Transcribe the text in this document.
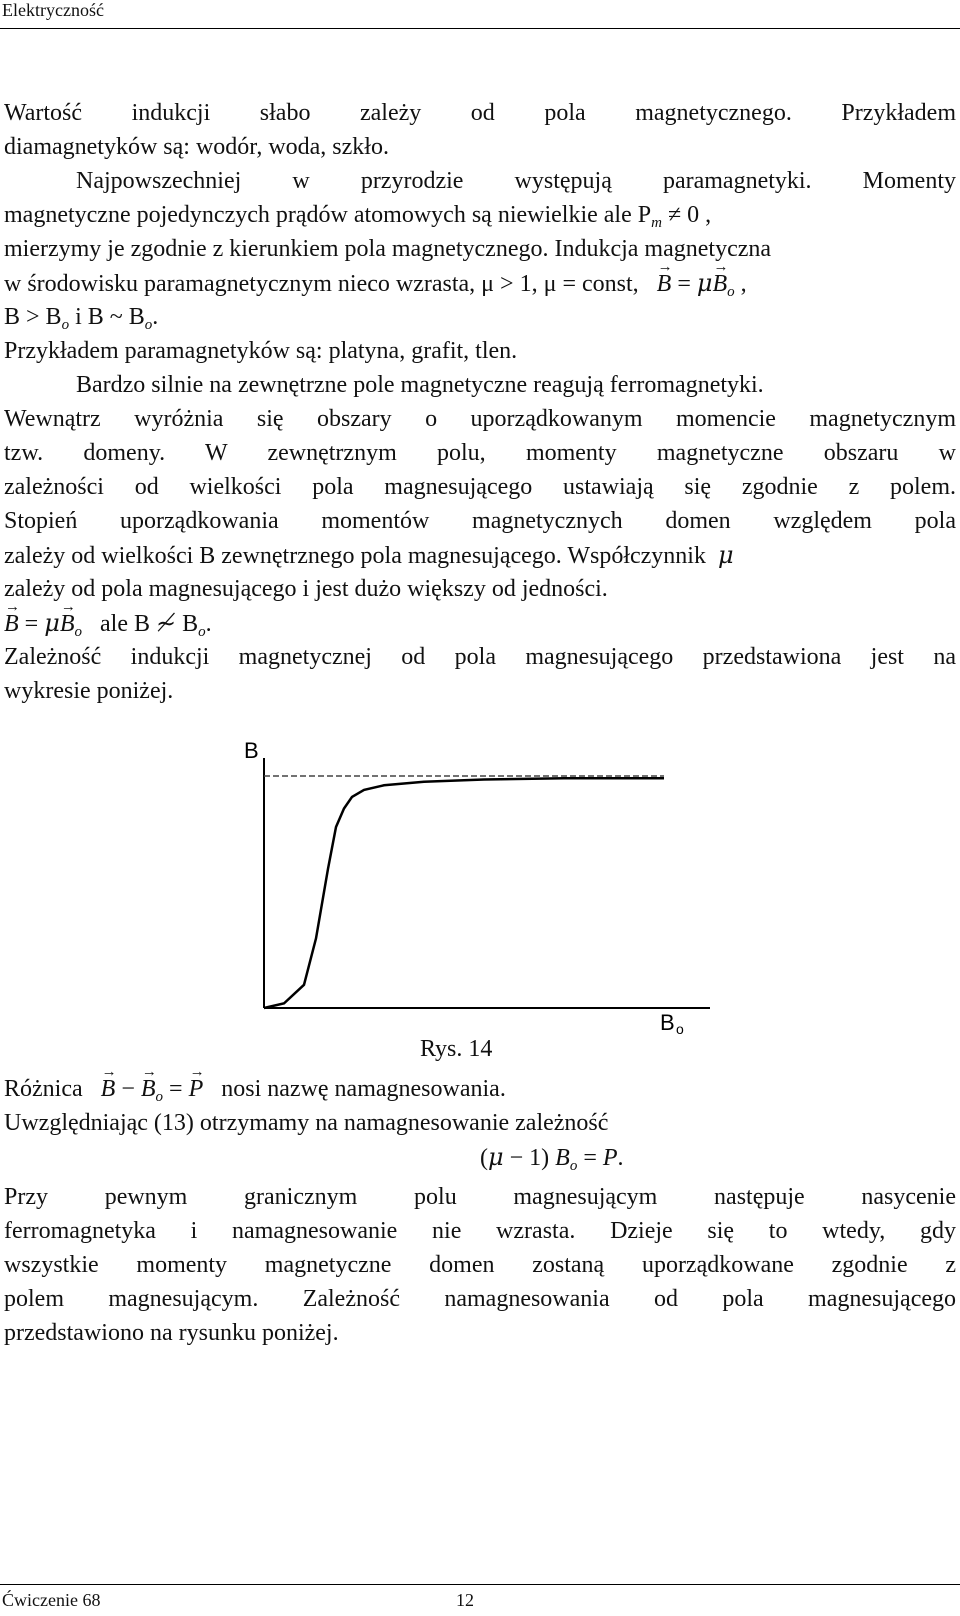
Elektryczność
Wartość indukcji słabo zależy od pola magnetycznego. Przykładem
diamagnetyków są: wodór, woda, szkło.
Najpowszechniej w przyrodzie występują paramagnetyki. Momenty
magnetyczne pojedynczych prądów atomowych są niewielkie ale $P_m \ne 0$ ,
mierzymy je zgodnie z kierunkiem pola magnetycznego. Indukcja magnetyczna
w środowisku paramagnetycznym nieco wzrasta, μ > 1, μ = const, → $B = \mu\to B_o$ ,
$B > B_o$ i B ~ $B_o$.
Przykładem paramagnetyków są: platyna, grafit, tlen.
Bardzo silnie na zewnętrzne pole magnetyczne reagują ferromagnetyki.
Wewnątrz wyróżnia się obszary o uporządkowanym momencie magnetycznym
tzw. domeny. W zewnętrznym polu, momenty magnetyczne obszaru w
zależności od wielkości pola magnesującego ustawiają się zgodnie z polem.
Stopień uporządkowania momentów magnetycznych domen względem pola
zależy od wielkości B zewnętrznego pola magnesującego. Współczynnik μ
zależy od pola magnesującego i jest dużo większy od jedności.
→ $B = \mu\to B_o$ ale B ≁ $B_o$.
Zależność indukcji magnetycznej od pola magnesującego przedstawiona jest na
wykresie poniżej.
B
B o
Rys. 14
Różnica → B − → $B_o$ = → P nosi nazwę namagnesowania.
Uwzględniając (13) otrzymamy na namagnesowanie zależność
(μ − 1) $B_o = P$.
Przy pewnym granicznym polu magnesującym następuje nasycenie
ferromagnetyka i namagnesowanie nie wzrasta. Dzieje się to wtedy, gdy
wszystkie momenty magnetyczne domen zostaną uporządkowane zgodnie z
polem magnesującym. Zależność namagnesowania od pola magnesującego
przedstawiono na rysunku poniżej.
Ćwiczenie 68	12
